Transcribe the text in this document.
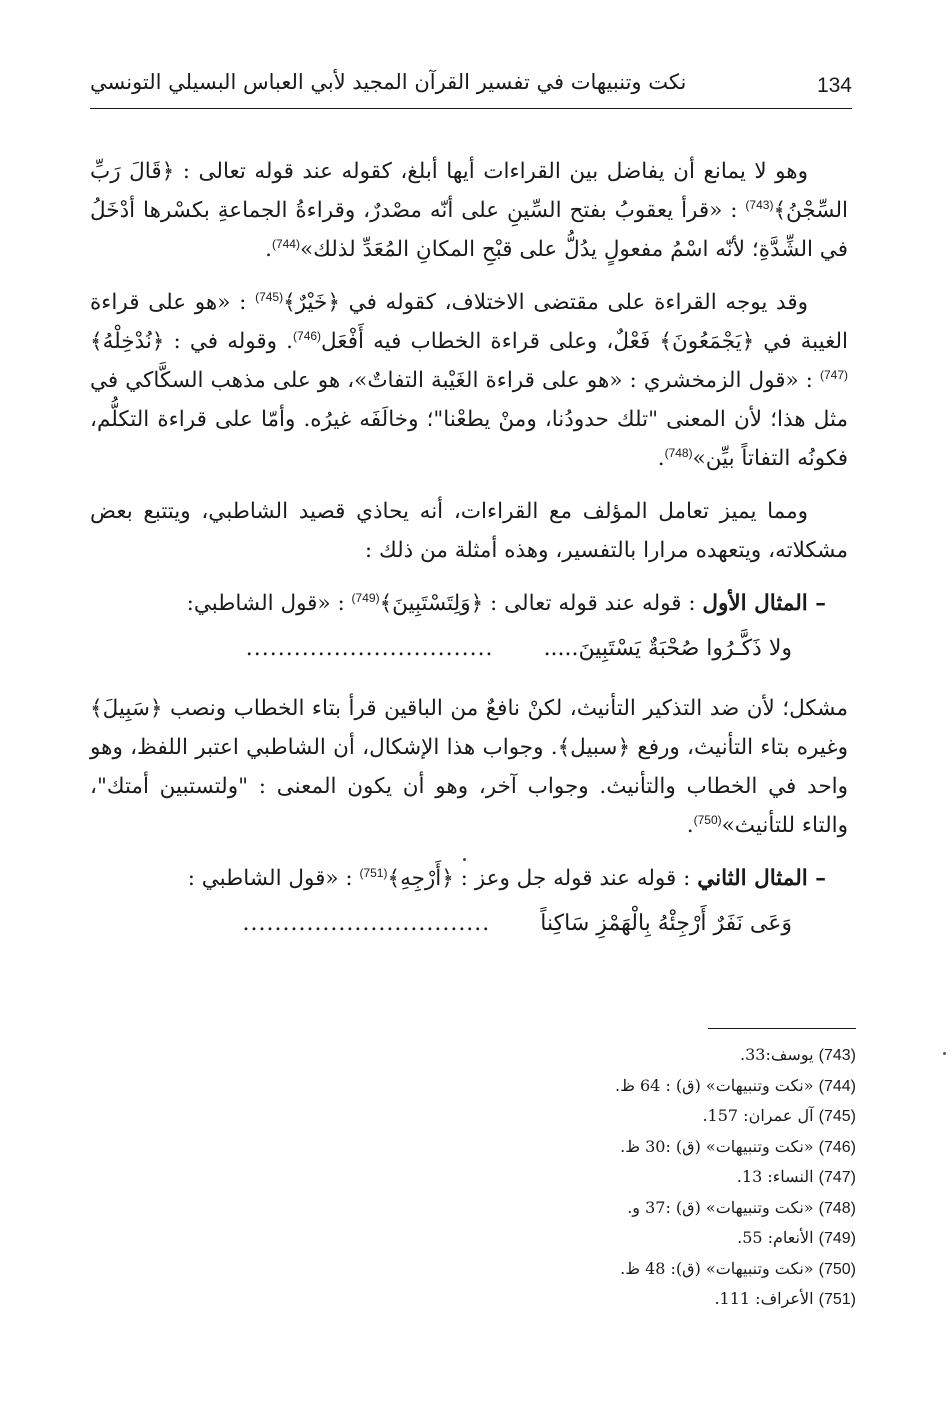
134
نكت وتنبيهات في تفسير القرآن المجيد لأبي العباس البسيلي التونسي

وهو لا يمانع أن يفاضل بين القراءات أيها أبلغ، كقوله عند قوله تعالى : ﴿قَالَ رَبِّ السِّجْنُ﴾$^{(743)}$ : «قرأ يعقوبُ بفتح السِّينِ على أنّه مصْدرٌ، وقراءةُ الجماعةِ بكسْرها أدْخَلُ في الشِّدَّةِ؛ لأنّه اسْمُ مفعولٍ يدُلُّ على قبْحِ المكانِ المُعَدِّ لذلك»$^{(744)}$.

وقد يوجه القراءة على مقتضى الاختلاف، كقوله في ﴿خَيْرٌ﴾$^{(745)}$ : «هو على قراءة الغيبة في ﴿يَجْمَعُونَ﴾ فَعْلٌ، وعلى قراءة الخطاب فيه أَفْعَل$^{(746)}$. وقوله في : ﴿نُدْخِلْهُ﴾$^{(747)}$ : «قول الزمخشري : «هو على قراءة الغَيْبة التفاتٌ»، هو على مذهب السكَّاكي في مثل هذا؛ لأن المعنى "تلك حدودُنا، ومنْ يطعْنا"؛ وخالَفَه غيرُه. وأمّا على قراءة التكلُّم، فكونُه التفاتاً بيِّن»$^{(748)}$.

ومما يميز تعامل المؤلف مع القراءات، أنه يحاذي قصيد الشاطبي، ويتتبع بعض مشكلاته، ويتعهده مرارا بالتفسير، وهذه أمثلة من ذلك :

– المثال الأول : قوله عند قوله تعالى : ﴿وَلِتَسْتَبِينَ﴾$^{(749)}$ : «قول الشاطبي:
ولا ذَكَّـرُوا صُحْبَةٌ يَسْتَبِينَ.....
...............................

مشكل؛ لأن ضد التذكير التأنيث، لكنْ نافعٌ من الباقين قرأ بتاء الخطاب ونصب ﴿سَبِيلَ﴾ وغيره بتاء التأنيث، ورفع ﴿سبيل﴾. وجواب هذا الإشكال، أن الشاطبي اعتبر اللفظ، وهو واحد في الخطاب والتأنيث. وجواب آخر، وهو أن يكون المعنى : "ولتستبين أمتك"، والتاء للتأنيث»$^{(750)}$.

– المثال الثاني : قوله عند قوله جل وعز : ﴿أَرْجِهِ﴾$^{(751)}$ : «قول الشاطبي :
وَعَى نَفَرٌ أَرْجِئْهُ بِالْهَمْزِ سَاكِناً
...............................
(743) يوسف:33.
(744) «نكت وتنبيهات» (ق) : 64 ظ.
(745) آل عمران: 157.
(746) «نكت وتنبيهات» (ق) :30 ظ.
(747) النساء: 13.
(748) «نكت وتنبيهات» (ق) :37 و.
(749) الأنعام: 55.
(750) «نكت وتنبيهات» (ق): 48 ظ.
(751) الأعراف: 111.
